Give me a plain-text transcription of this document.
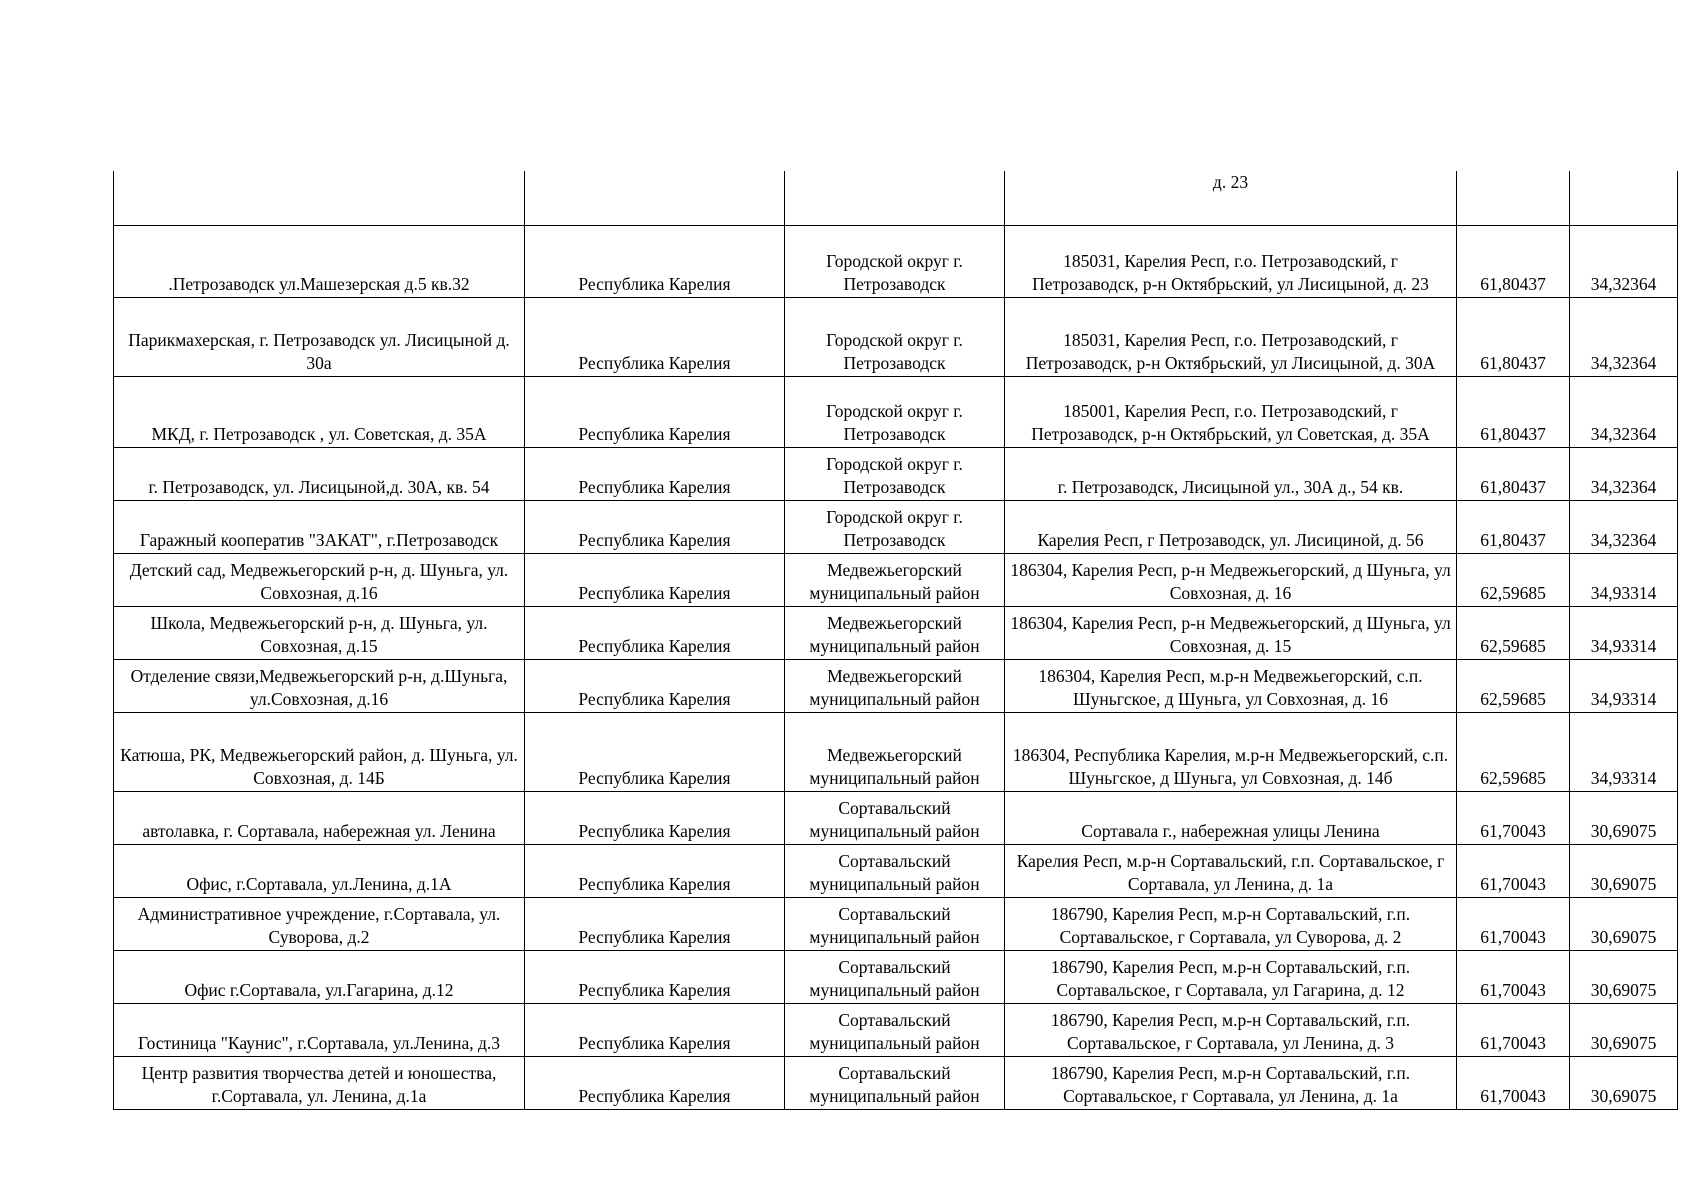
			д. 23		
.Петрозаводск ул.Машезерская д.5 кв.32	Республика Карелия	Городской округ г. Петрозаводск	185031, Карелия Респ, г.о. Петрозаводский, г Петрозаводск, р-н Октябрьский, ул Лисицыной, д. 23	61,80437	34,32364
Парикмахерская, г. Петрозаводск ул. Лисицыной д. 30а	Республика Карелия	Городской округ г. Петрозаводск	185031, Карелия Респ, г.о. Петрозаводский, г Петрозаводск, р-н Октябрьский, ул Лисицыной, д. 30А	61,80437	34,32364
МКД, г. Петрозаводск , ул. Советская, д. 35А	Республика Карелия	Городской округ г. Петрозаводск	185001, Карелия Респ, г.о. Петрозаводский, г Петрозаводск, р-н Октябрьский, ул Советская, д. 35А	61,80437	34,32364
г. Петрозаводск, ул. Лисицыной,д. 30А, кв. 54	Республика Карелия	Городской округ г. Петрозаводск	г. Петрозаводск, Лисицыной ул., 30А д., 54 кв.	61,80437	34,32364
Гаражный кооператив "ЗАКАТ", г.Петрозаводск	Республика Карелия	Городской округ г. Петрозаводск	Карелия Респ, г Петрозаводск, ул. Лисициной, д. 56	61,80437	34,32364
Детский сад, Медвежьегорский р-н, д. Шуньга, ул. Совхозная, д.16	Республика Карелия	Медвежьегорский муниципальный район	186304, Карелия Респ, р-н Медвежьегорский, д Шуньга, ул Совхозная, д. 16	62,59685	34,93314
Школа, Медвежьегорский р-н, д. Шуньга, ул. Совхозная, д.15	Республика Карелия	Медвежьегорский муниципальный район	186304, Карелия Респ, р-н Медвежьегорский, д Шуньга, ул Совхозная, д. 15	62,59685	34,93314
Отделение связи,Медвежьегорский р-н, д.Шуньга, ул.Совхозная, д.16	Республика Карелия	Медвежьегорский муниципальный район	186304, Карелия Респ, м.р-н Медвежьегорский, с.п. Шуньгское, д Шуньга, ул Совхозная, д. 16	62,59685	34,93314
Катюша, РК, Медвежьегорский район, д. Шуньга, ул. Совхозная, д. 14Б	Республика Карелия	Медвежьегорский муниципальный район	186304, Республика Карелия, м.р-н Медвежьегорский, с.п. Шуньгское, д Шуньга, ул Совхозная, д. 14б	62,59685	34,93314
автолавка, г. Сортавала, набережная ул. Ленина	Республика Карелия	Сортавальский муниципальный район	Сортавала г., набережная улицы Ленина	61,70043	30,69075
Офис, г.Сортавала, ул.Ленина, д.1А	Республика Карелия	Сортавальский муниципальный район	Карелия Респ, м.р-н Сортавальский, г.п. Сортавальское, г Сортавала, ул Ленина, д. 1а	61,70043	30,69075
Административное учреждение, г.Сортавала, ул. Суворова, д.2	Республика Карелия	Сортавальский муниципальный район	186790, Карелия Респ, м.р-н Сортавальский, г.п. Сортавальское, г Сортавала, ул Суворова, д. 2	61,70043	30,69075
Офис г.Сортавала, ул.Гагарина, д.12	Республика Карелия	Сортавальский муниципальный район	186790, Карелия Респ, м.р-н Сортавальский, г.п. Сортавальское, г Сортавала, ул Гагарина, д. 12	61,70043	30,69075
Гостиница "Каунис", г.Сортавала, ул.Ленина, д.3	Республика Карелия	Сортавальский муниципальный район	186790, Карелия Респ, м.р-н Сортавальский, г.п. Сортавальское, г Сортавала, ул Ленина, д. 3	61,70043	30,69075
Центр развития творчества детей и юношества, г.Сортавала, ул. Ленина, д.1а	Республика Карелия	Сортавальский муниципальный район	186790, Карелия Респ, м.р-н Сортавальский, г.п. Сортавальское, г Сортавала, ул Ленина, д. 1а	61,70043	30,69075
